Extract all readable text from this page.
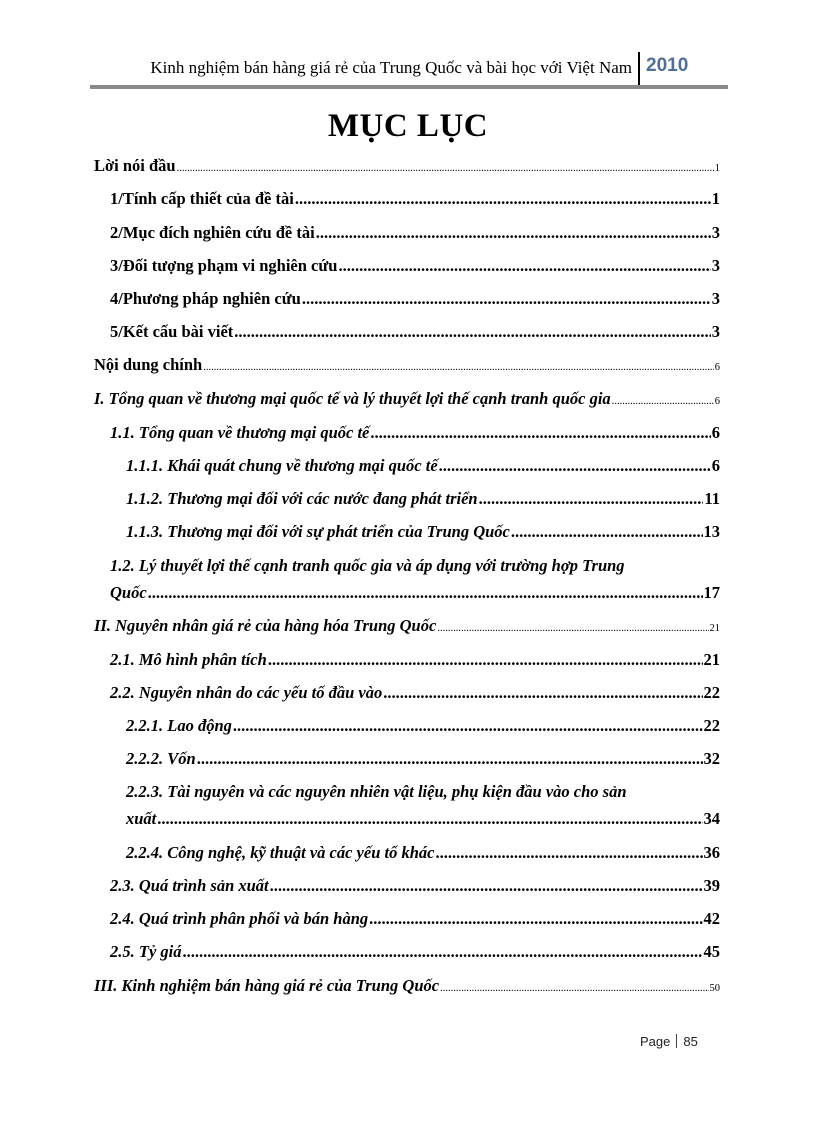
Kinh nghiệm bán hàng giá rẻ của Trung Quốc và bài học với Việt Nam 2010
MỤC LỤC
Lời nói đầu .....	1
1/Tính cấp thiết của đề tài .....	1
2/Mục đích nghiên cứu đề tài .....	3
3/Đối tượng phạm vi nghiên cứu .....	3
4/Phương pháp nghiên cứu .....	3
5/Kết cấu bài viết .....	3
Nội dung chính .....	6
I. Tổng quan về thương mại quốc tế và lý thuyết lợi thế cạnh tranh quốc gia .....	6
1.1. Tổng quan về thương mại quốc tế .....	6
1.1.1. Khái quát chung về thương mại quốc tế .....	6
1.1.2. Thương mại đối với các nước đang phát triển .....	11
1.1.3. Thương mại đối với sự phát triển của Trung Quốc .....	13
1.2. Lý thuyết lợi thế cạnh tranh quốc gia và áp dụng với trường hợp Trung
Quốc .....	17
II. Nguyên nhân giá rẻ của hàng hóa Trung Quốc .....	21
2.1. Mô hình phân tích .....	21
2.2. Nguyên nhân do các yếu tố đầu vào .....	22
2.2.1. Lao động .....	22
2.2.2. Vốn .....	32
2.2.3. Tài nguyên và các nguyên nhiên vật liệu, phụ kiện đầu vào cho sản
xuất .....	34
2.2.4. Công nghệ, kỹ thuật và các yếu tố khác .....	36
2.3. Quá trình sản xuất .....	39
2.4. Quá trình phân phối và bán hàng .....	42
2.5. Tỷ giá .....	45
III. Kinh nghiệm bán hàng giá rẻ của Trung Quốc .....	50
Page 85
